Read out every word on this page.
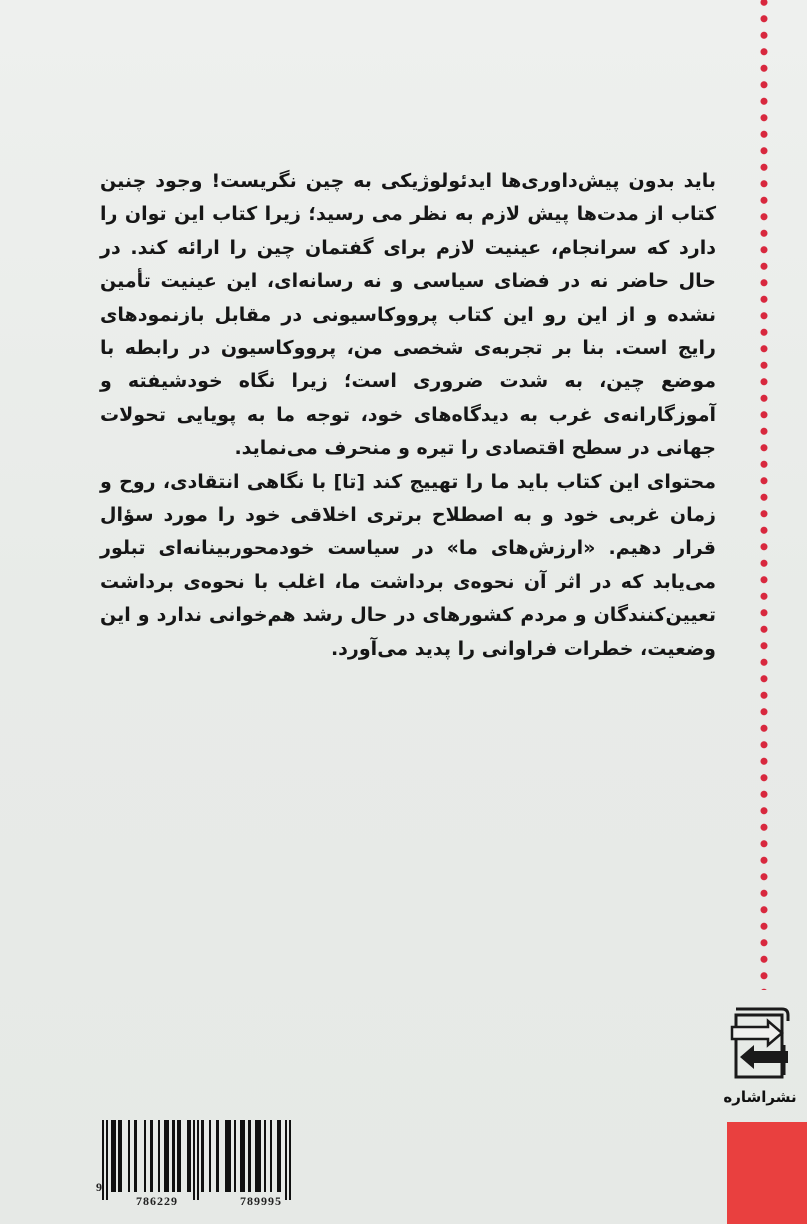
باید بدون پیش‌داوری‌ها ایدئولوژیکی به چین نگریست! وجود چنین کتاب از مدت‌ها پیش لازم به نظر می رسید؛ زیرا کتاب این توان را دارد که سرانجام، عینیت لازم برای گفتمان چین را ارائه کند. در حال حاضر نه در فضای سیاسی و نه رسانه‌ای، این عینیت تأمین نشده و از این رو این کتاب پرووکاسیونی در مقابل بازنمودهای رایج است. بنا بر تجربه‌ی شخصی من، پرووکاسیون در رابطه با موضع چین، به شدت ضروری است؛ زیرا نگاه خودشیفته و آموزگارانه‌ی غرب به دیدگاه‌های خود، توجه ما به پویایی تحولات جهانی در سطح اقتصادی را تیره و منحرف می‌نماید.

محتوای این کتاب باید ما را تهییج کند [تا] با نگاهی انتقادی، روح و زمان غربی خود و به اصطلاح برتری اخلاقی خود را مورد سؤال قرار دهیم. «ارزش‌های ما» در سیاست خودمحوربینانه‌ای تبلور می‌یابد که در اثر آن نحوه‌ی برداشت ما، اغلب با نحوه‌ی برداشت تعیین‌کنندگان و مردم کشورهای در حال رشد هم‌خوانی ندارد و این وضعیت، خطرات فراوانی را پدید می‌آورد.

نشراشاره
9
786229	789995
